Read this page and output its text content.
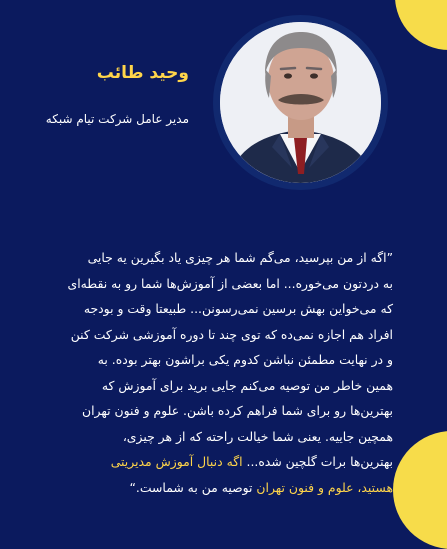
وحید طائب

مدیر عامل شرکت تیام شبکه

”اگه از من بپرسید، می‌گم شما هر چیزی یاد بگیرین یه جایی
به دردتون می‌خوره... اما بعضی از آموزش‌ها شما رو به نقطه‌ای
که می‌خواین بهش برسین نمی‌رسونن... طبیعتا وقت و بودجه
افراد هم اجازه نمی‌ده که توی چند تا دوره آموزشی شرکت کنن
و در نهایت مطمئن نباشن کدوم یکی براشون بهتر بوده. به
همین خاطر من توصیه می‌کنم جایی برید برای آموزش که
بهترین‌ها رو برای شما فراهم کرده باشن. علوم و فنون تهران
همچین جاییه. یعنی شما خیالت راحته که از هر چیزی،
بهترین‌ها برات گلچین شده... اگه دنبال آموزش مدیریتی
هستید، علوم و فنون تهران توصیه من به شماست.“
